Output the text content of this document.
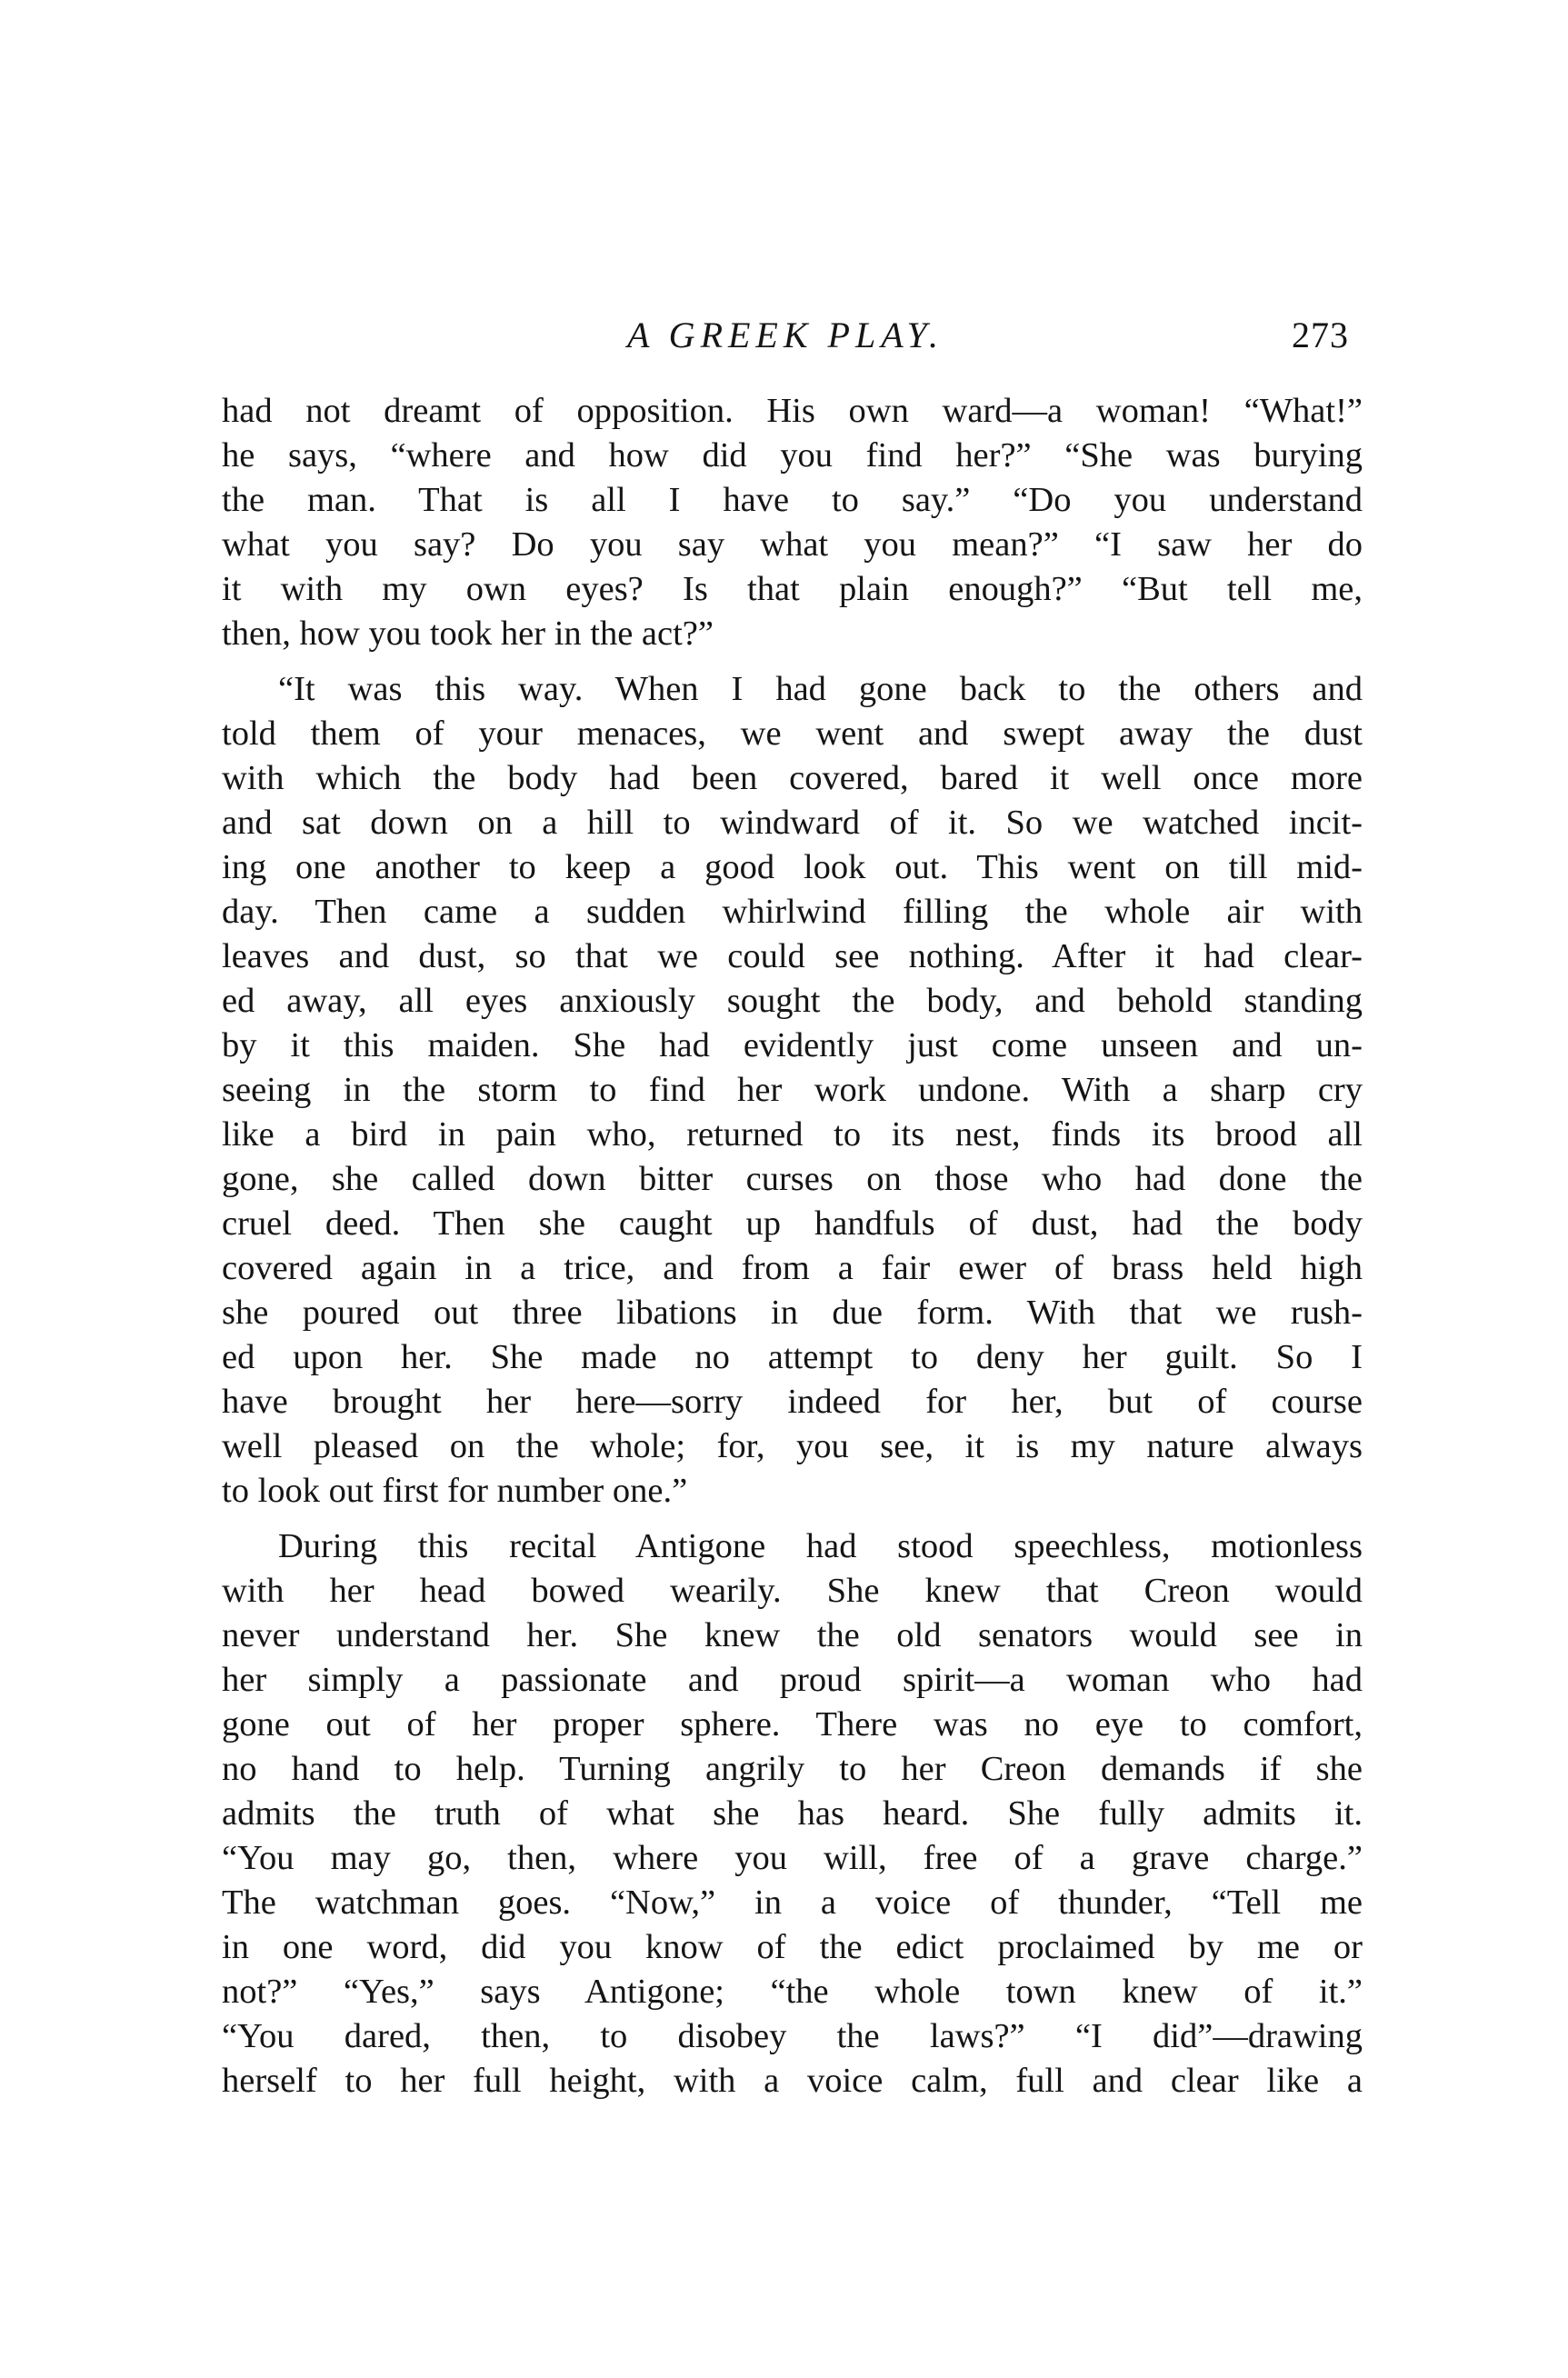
A GREEK PLAY.	273
had not dreamt of opposition. His own ward—a woman! “What!”
he says, “where and how did you find her?” “She was burying
the man. That is all I have to say.” “Do you understand
what you say? Do you say what you mean?” “I saw her do
it with my own eyes? Is that plain enough?” “But tell me,
then, how you took her in the act?”
“It was this way. When I had gone back to the others and
told them of your menaces, we went and swept away the dust
with which the body had been covered, bared it well once more
and sat down on a hill to windward of it. So we watched incit-
ing one another to keep a good look out. This went on till mid-
day. Then came a sudden whirlwind filling the whole air with
leaves and dust, so that we could see nothing. After it had clear-
ed away, all eyes anxiously sought the body, and behold standing
by it this maiden. She had evidently just come unseen and un-
seeing in the storm to find her work undone. With a sharp cry
like a bird in pain who, returned to its nest, finds its brood all
gone, she called down bitter curses on those who had done the
cruel deed. Then she caught up handfuls of dust, had the body
covered again in a trice, and from a fair ewer of brass held high
she poured out three libations in due form. With that we rush-
ed upon her. She made no attempt to deny her guilt. So I
have brought her here—sorry indeed for her, but of course
well pleased on the whole; for, you see, it is my nature always
to look out first for number one.”
During this recital Antigone had stood speechless, motionless
with her head bowed wearily. She knew that Creon would
never understand her. She knew the old senators would see in
her simply a passionate and proud spirit—a woman who had
gone out of her proper sphere. There was no eye to comfort,
no hand to help. Turning angrily to her Creon demands if she
admits the truth of what she has heard. She fully admits it.
“You may go, then, where you will, free of a grave charge.”
The watchman goes. “Now,” in a voice of thunder, “Tell me
in one word, did you know of the edict proclaimed by me or
not?” “Yes,” says Antigone; “the whole town knew of it.”
“You dared, then, to disobey the laws?” “I did”—drawing
herself to her full height, with a voice calm, full and clear like a
